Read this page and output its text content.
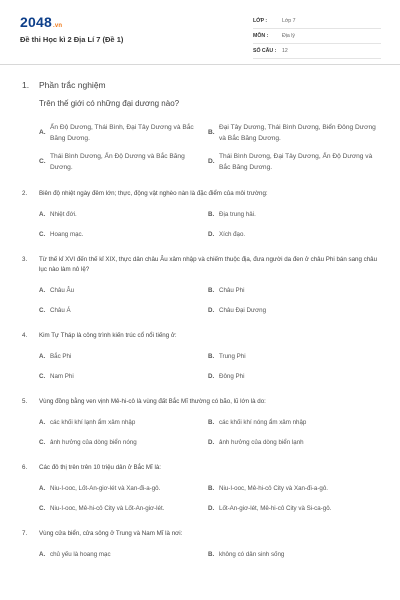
2048.vn
Đề thi Học kì 2 Địa Lí 7 (Đề 1)
LỚP :	Lớp 7
MÔN :	Địa lý
SỐ CÂU :	12
1.	Phần trắc nghiệm
Trên thế giới có những đại dương nào?
A.
Ấn Độ Dương, Thái Bình, Đại Tây Dương và Bắc Băng Dương.
B.
Đại Tây Dương, Thái Bình Dương, Biển Đông Dương và Bắc Băng Dương.
C.
Thái Bình Dương, Ấn Độ Dương và Bắc Băng Dương.
D.
Thái Bình Dương, Đại Tây Dương, Ấn Độ Dương và Bắc Băng Dương.
2.	Biên độ nhiệt ngày đêm lớn; thực, động vật nghèo nàn là đặc điểm của môi trường:
A. Nhiệt đới.	B. Địa trung hải.
C. Hoang mạc.	D. Xích đạo.
3.	Từ thế kỉ XVI đến thế kỉ XIX, thực dân châu Âu xâm nhập và chiếm thuộc địa, đưa người da đen ở châu Phi bán sang châu lục nào làm nô lệ?
A. Châu Âu	B. Châu Phi
C. Châu Á	D. Châu Đại Dương
4.	Kim Tự Tháp là công trình kiến trúc cổ nổi tiếng ở:
A. Bắc Phi	B. Trung Phi
C. Nam Phi	D. Đông Phi
5.	Vùng đồng bằng ven vịnh Mê-hi-cô là vùng đất Bắc Mĩ thường có bão, lũ lớn là do:
A. các khối khí lạnh ẩm xâm nhập	B. các khối khí nóng ẩm xâm nhập
C. ảnh hưởng của dòng biển nóng	D. ảnh hưởng của dòng biển lạnh
6.	Các đô thị trên trên 10 triệu dân ở Bắc Mĩ là:
A. Niu-I-ooc, Lốt-An-giơ-lét và Xan-đi-a-gô.	B. Niu-I-ooc, Mê-hi-cô City và Xan-đi-a-gô.
C. Niu-I-ooc, Mê-hi-cô City và Lốt-An-giơ-lét.	D. Lốt-An-giơ-lét, Mê-hi-cô City và Si-ca-gô.
7.	Vùng cửa biển, cửa sông ở Trung và Nam Mĩ là nơi:
A. chủ yếu là hoang mạc	B. không có dân sinh sống
